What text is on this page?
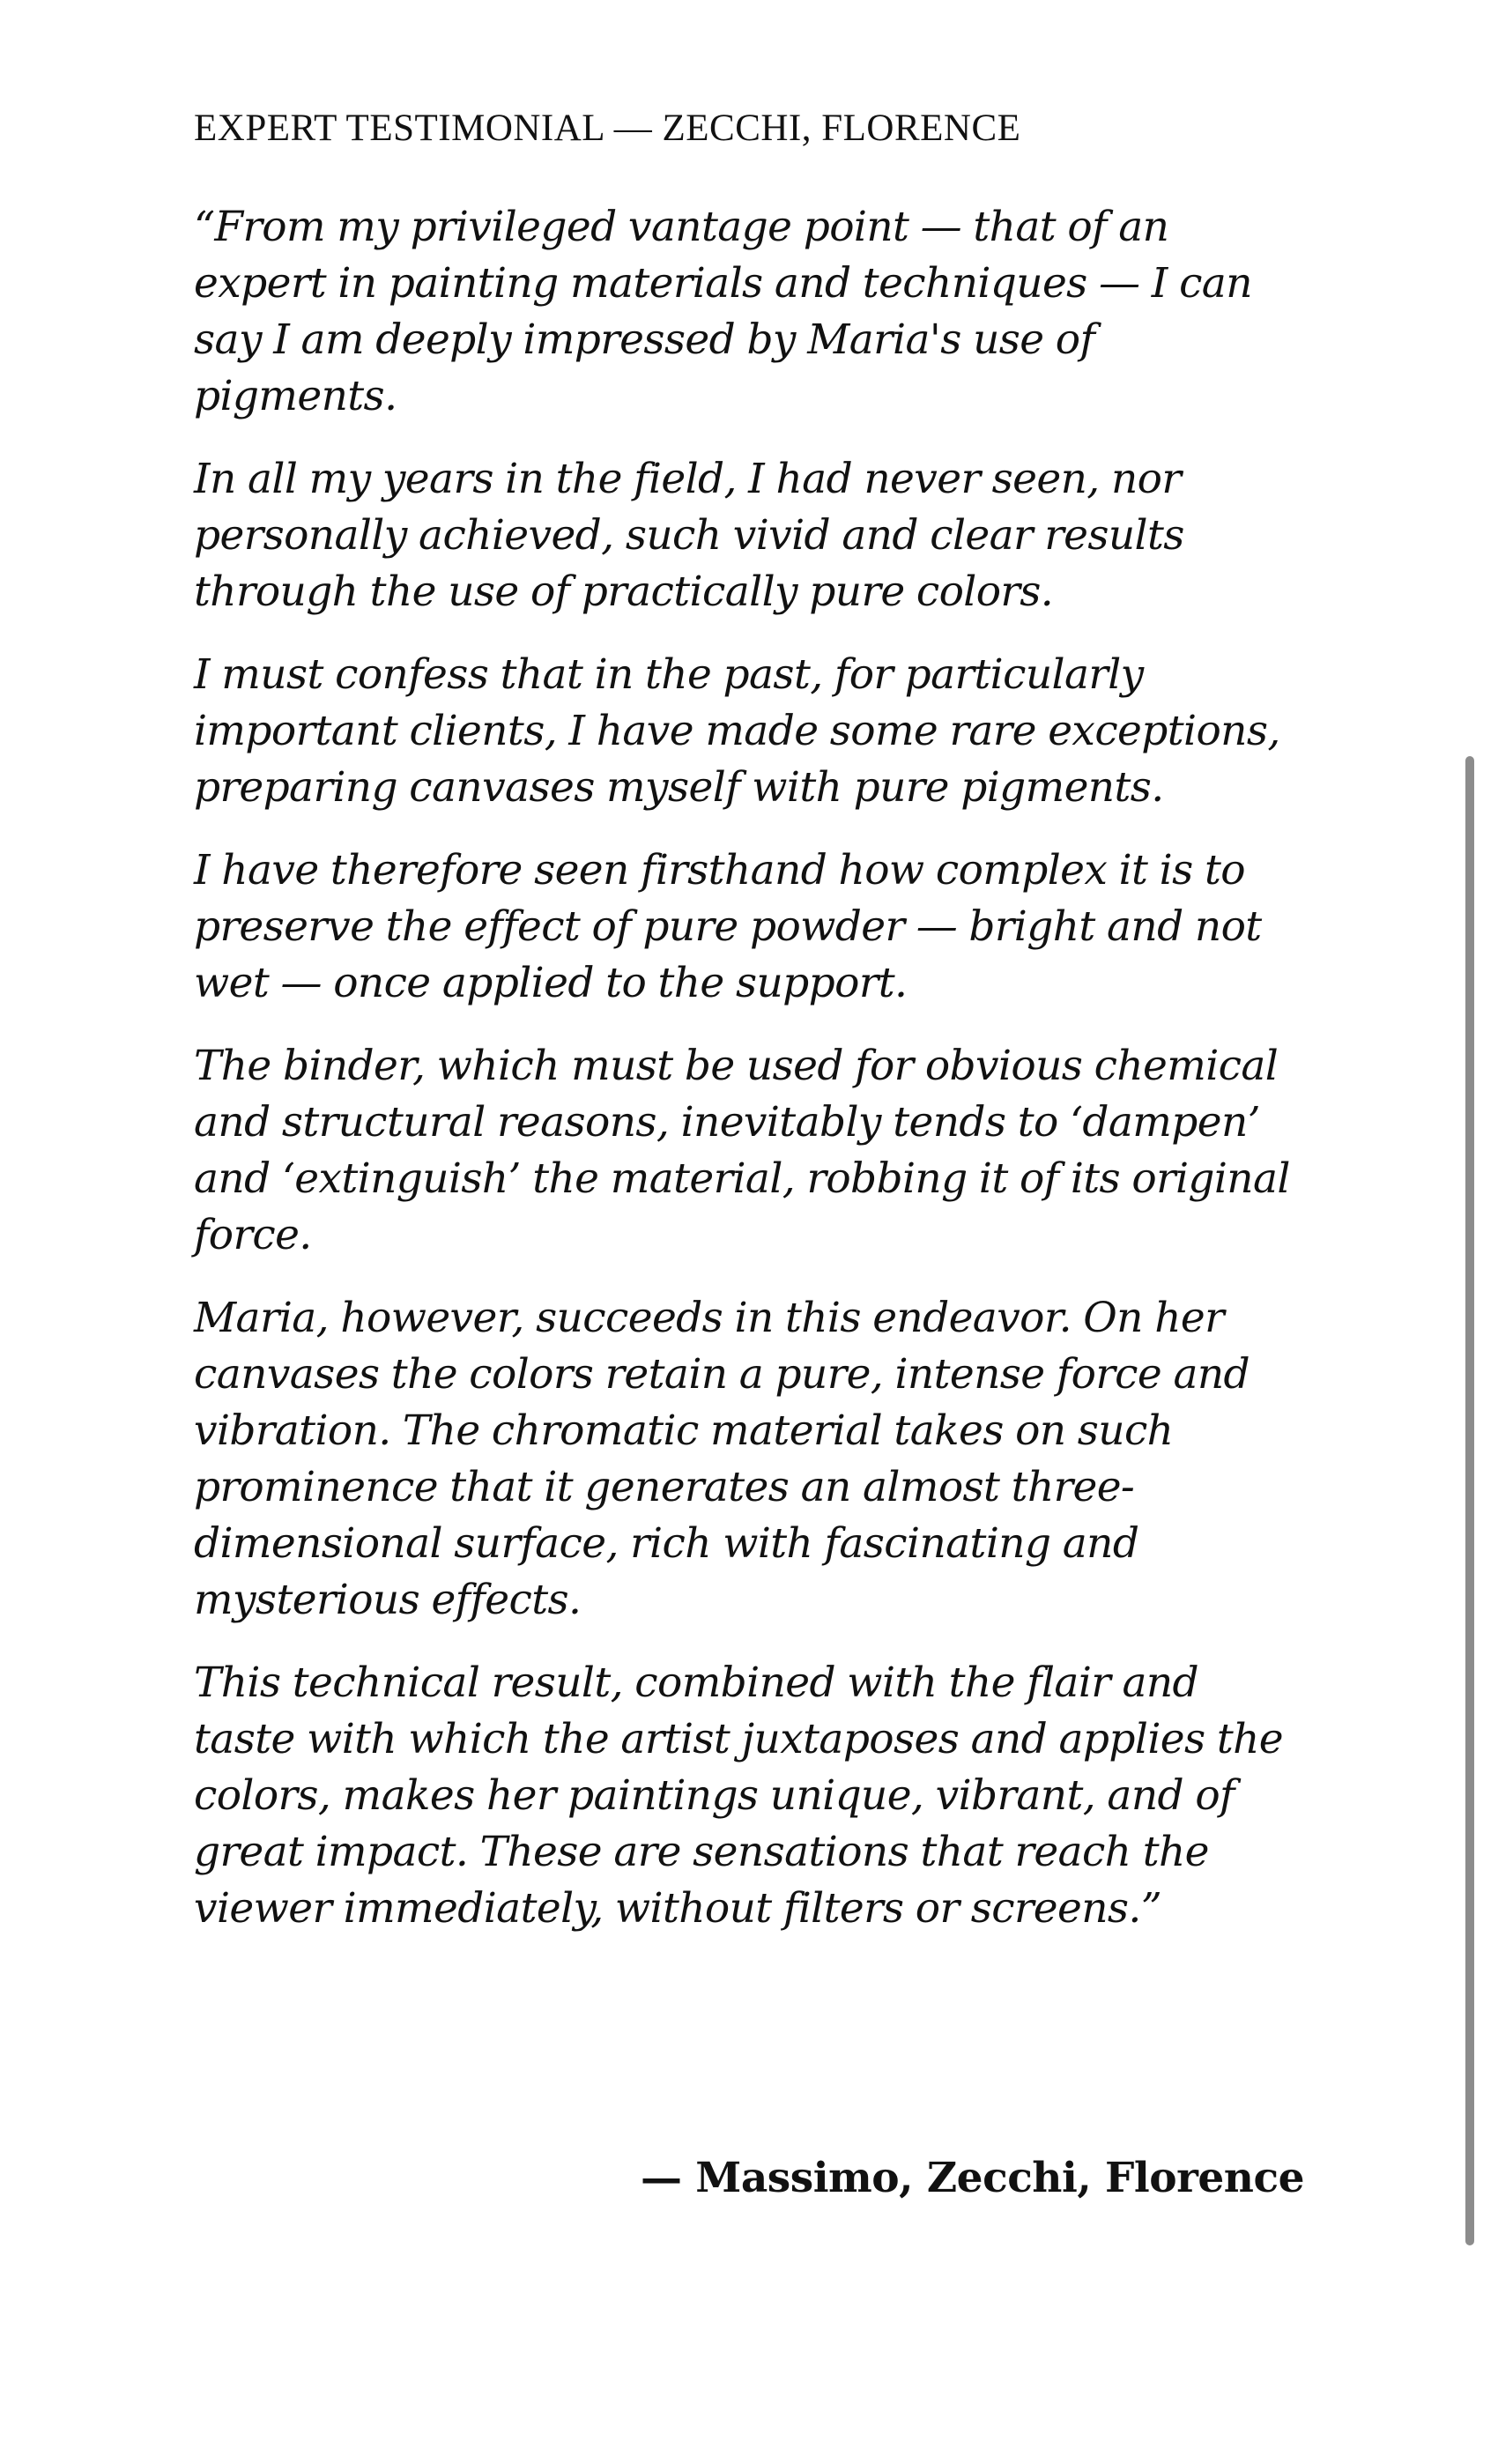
EXPERT TESTIMONIAL — ZECCHI, FLORENCE

“From my privileged vantage point — that of an expert in painting materials and techniques — I can say I am deeply impressed by Maria's use of pigments.

In all my years in the field, I had never seen, nor personally achieved, such vivid and clear results through the use of practically pure colors.

I must confess that in the past, for particularly important clients, I have made some rare exceptions, preparing canvases myself with pure pigments.

I have therefore seen firsthand how complex it is to preserve the effect of pure powder — bright and not wet — once applied to the support.

The binder, which must be used for obvious chemical and structural reasons, inevitably tends to ‘dampen’ and ‘extinguish’ the material, robbing it of its original force.

Maria, however, succeeds in this endeavor. On her canvases the colors retain a pure, intense force and vibration. The chromatic material takes on such prominence that it generates an almost three-dimensional surface, rich with fascinating and mysterious effects.

This technical result, combined with the flair and taste with which the artist juxtaposes and applies the colors, makes her paintings unique, vibrant, and of great impact. These are sensations that reach the viewer immediately, without filters or screens.”

— Massimo, Zecchi, Florence
